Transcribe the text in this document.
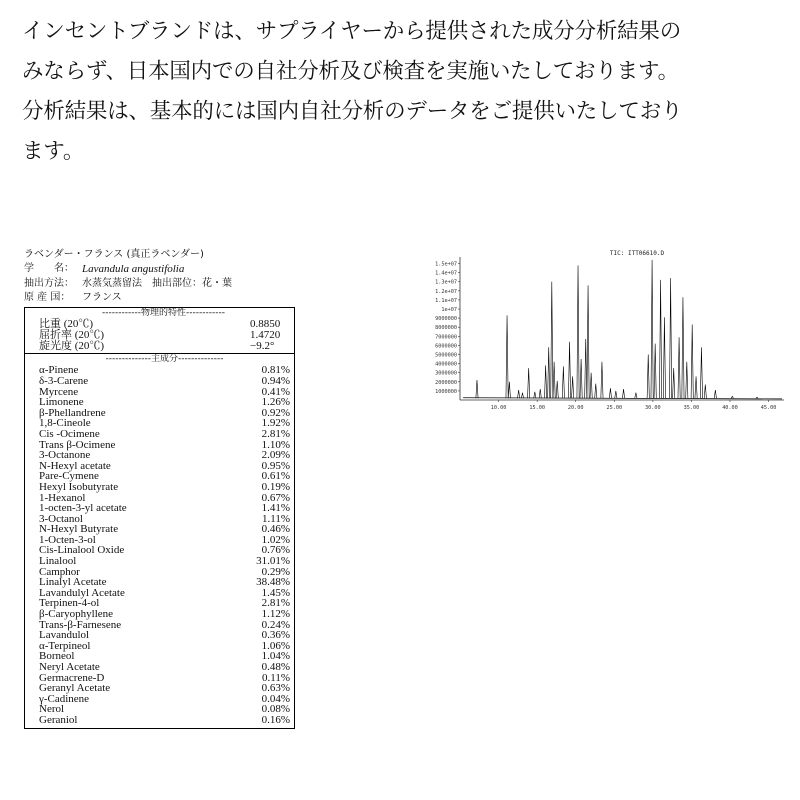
インセントブランドは、サプライヤーから提供された成分分析結果の

みならず、日本国内での自社分析及び検査を実施いたしております。

分析結果は、基本的には国内自社分析のデータをご提供いたしており

ます。

ラベンダー・フランス (真正ラベンダー)
学　　名： Lavandula angustifolia
抽出方法： 水蒸気蒸留法　抽出部位：花・葉
原 産 国：	フランス
------------物理的特性------------
比重 (20℃)	0.8850
屈折率 (20℃)	1.4720
旋光度 (20℃)	−9.2°
--------------主成分--------------
α-Pinene	0.81%
δ-3-Carene	0.94%
Myrcene	0.41%
Limonene	1.26%
β-Phellandrene	0.92%
1,8-Cineole	1.92%
Cis -Ocimene	2.81%
Trans β-Ocimene	1.10%
3-Octanone	2.09%
N-Hexyl acetate	0.95%
Pare-Cymene	0.61%
Hexyl Isobutyrate	0.19%
1-Hexanol	0.67%
1-octen-3-yl acetate	1.41%
3-Octanol	1.11%
N-Hexyl Butyrate	0.46%
1-Octen-3-ol	1.02%
Cis-Linalool Oxide	0.76%
Linalool	31.01%
Camphor	0.29%
Linalyl Acetate	38.48%
Lavandulyl Acetate	1.45%
Terpinen-4-ol	2.81%
β-Caryophyllene	1.12%
Trans-β-Farnesene	0.24%
Lavandulol	0.36%
α-Terpineol	1.06%
Borneol	1.04%
Neryl Acetate	0.48%
Germacrene-D	0.11%
Geranyl Acetate	0.63%
γ-Cadinene	0.04%
Nerol	0.08%
Geraniol	0.16%
TIC: ITT06610.D
1000000
2000000
3000000
4000000
5000000
6000000
7000000
8000000
9000000
1e+07
1.1e+07
1.2e+07
1.3e+07
1.4e+07
1.5e+07
10.00	15.00	20.00	25.00	30.00	35.00	40.00	45.00
